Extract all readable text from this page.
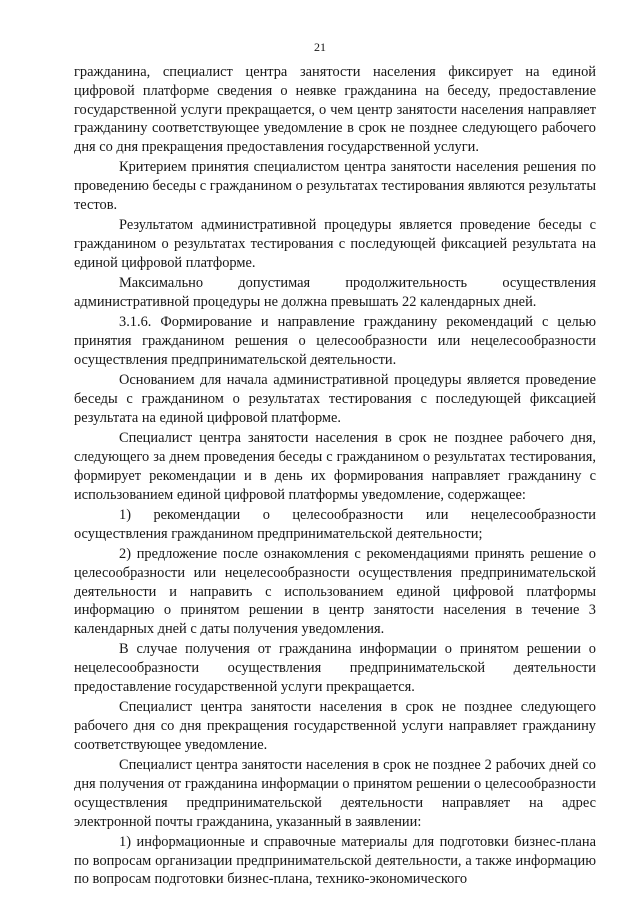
21

гражданина, специалист центра занятости населения фиксирует на единой цифровой платформе сведения о неявке гражданина на беседу, предоставление государственной услуги прекращается, о чем центр занятости населения направляет гражданину соответствующее уведомление в срок не позднее следующего рабочего дня со дня прекращения предоставления государственной услуги.

Критерием принятия специалистом центра занятости населения решения по проведению беседы с гражданином о результатах тестирования являются результаты тестов.

Результатом административной процедуры является проведение беседы с гражданином о результатах тестирования с последующей фиксацией результата на единой цифровой платформе.

Максимально допустимая продолжительность осуществления административной процедуры не должна превышать 22 календарных дней.

3.1.6. Формирование и направление гражданину рекомендаций с целью принятия гражданином решения о целесообразности или нецелесообразности осуществления предпринимательской деятельности.

Основанием для начала административной процедуры является проведение беседы с гражданином о результатах тестирования с последующей фиксацией результата на единой цифровой платформе.

Специалист центра занятости населения в срок не позднее рабочего дня, следующего за днем проведения беседы с гражданином о результатах тестирования, формирует рекомендации и в день их формирования направляет гражданину с использованием единой цифровой платформы уведомление, содержащее:

1) рекомендации о целесообразности или нецелесообразности осуществления гражданином предпринимательской деятельности;

2) предложение после ознакомления с рекомендациями принять решение о целесообразности или нецелесообразности осуществления предпринимательской деятельности и направить с использованием единой цифровой платформы информацию о принятом решении в центр занятости населения в течение 3 календарных дней с даты получения уведомления.

В случае получения от гражданина информации о принятом решении о нецелесообразности осуществления предпринимательской деятельности предоставление государственной услуги прекращается.

Специалист центра занятости населения в срок не позднее следующего рабочего дня со дня прекращения государственной услуги направляет гражданину соответствующее уведомление.

Специалист центра занятости населения в срок не позднее 2 рабочих дней со дня получения от гражданина информации о принятом решении о целесообразности осуществления предпринимательской деятельности направляет на адрес электронной почты гражданина, указанный в заявлении:

1) информационные и справочные материалы для подготовки бизнес-плана по вопросам организации предпринимательской деятельности, а также информацию по вопросам подготовки бизнес-плана, технико-экономического
